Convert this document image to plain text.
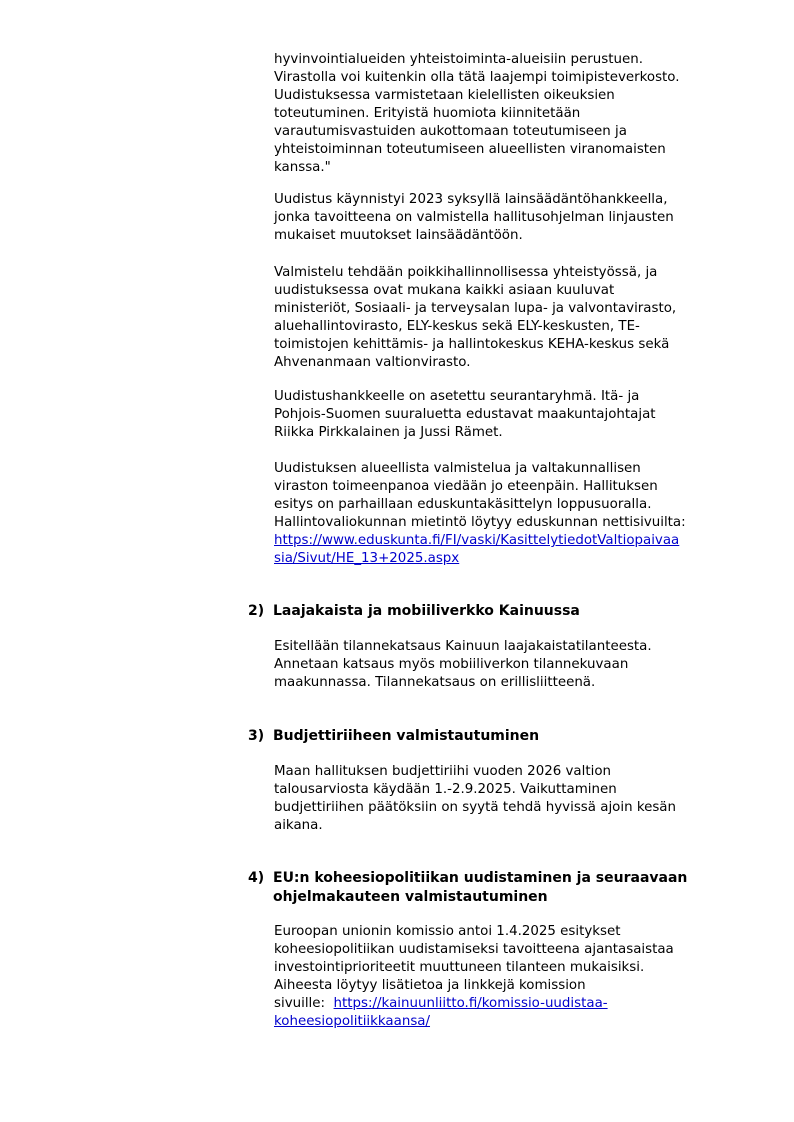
hyvinvointialueiden yhteistoiminta-alueisiin perustuen.
Virastolla voi kuitenkin olla tätä laajempi toimipisteverkosto.
Uudistuksessa varmistetaan kielellisten oikeuksien
toteutuminen. Erityistä huomiota kiinnitetään
varautumisvastuiden aukottomaan toteutumiseen ja
yhteistoiminnan toteutumiseen alueellisten viranomaisten
kanssa."
Uudistus käynnistyi 2023 syksyllä lainsäädäntöhankkeella,
jonka tavoitteena on valmistella hallitusohjelman linjausten
mukaiset muutokset lainsäädäntöön.
Valmistelu tehdään poikkihallinnollisessa yhteistyössä, ja
uudistuksessa ovat mukana kaikki asiaan kuuluvat
ministeriöt, Sosiaali- ja terveysalan lupa- ja valvontavirasto,
aluehallintovirasto, ELY-keskus sekä ELY-keskusten, TE-
toimistojen kehittämis- ja hallintokeskus KEHA-keskus sekä
Ahvenanmaan valtionvirasto.
Uudistushankkeelle on asetettu seurantaryhmä. Itä- ja
Pohjois-Suomen suuraluetta edustavat maakuntajohtajat
Riikka Pirkkalainen ja Jussi Rämet.
Uudistuksen alueellista valmistelua ja valtakunnallisen
viraston toimeenpanoa viedään jo eteenpäin. Hallituksen
esitys on parhaillaan eduskuntakäsittelyn loppusuoralla.
Hallintovaliokunnan mietintö löytyy eduskunnan nettisivuilta:
https://www.eduskunta.fi/FI/vaski/KasittelytiedotValtiopaivaa
sia/Sivut/HE_13+2025.aspx
2) Laajakaista ja mobiiliverkko Kainuussa
Esitellään tilannekatsaus Kainuun laajakaistatilanteesta.
Annetaan katsaus myös mobiiliverkon tilannekuvaan
maakunnassa. Tilannekatsaus on erillisliitteenä.
3) Budjettiriiheen valmistautuminen
Maan hallituksen budjettiriihi vuoden 2026 valtion
talousarviosta käydään 1.-2.9.2025. Vaikuttaminen
budjettiriihen päätöksiin on syytä tehdä hyvissä ajoin kesän
aikana.
4) EU:n koheesiopolitiikan uudistaminen ja seuraavaan
ohjelmakauteen valmistautuminen
Euroopan unionin komissio antoi 1.4.2025 esitykset
koheesiopolitiikan uudistamiseksi tavoitteena ajantasaistaa
investointiprioriteetit muuttuneen tilanteen mukaisiksi.
Aiheesta löytyy lisätietoa ja linkkejä komission
sivuille: https://kainuunliitto.fi/komissio-uudistaa-
koheesiopolitiikkaansa/
